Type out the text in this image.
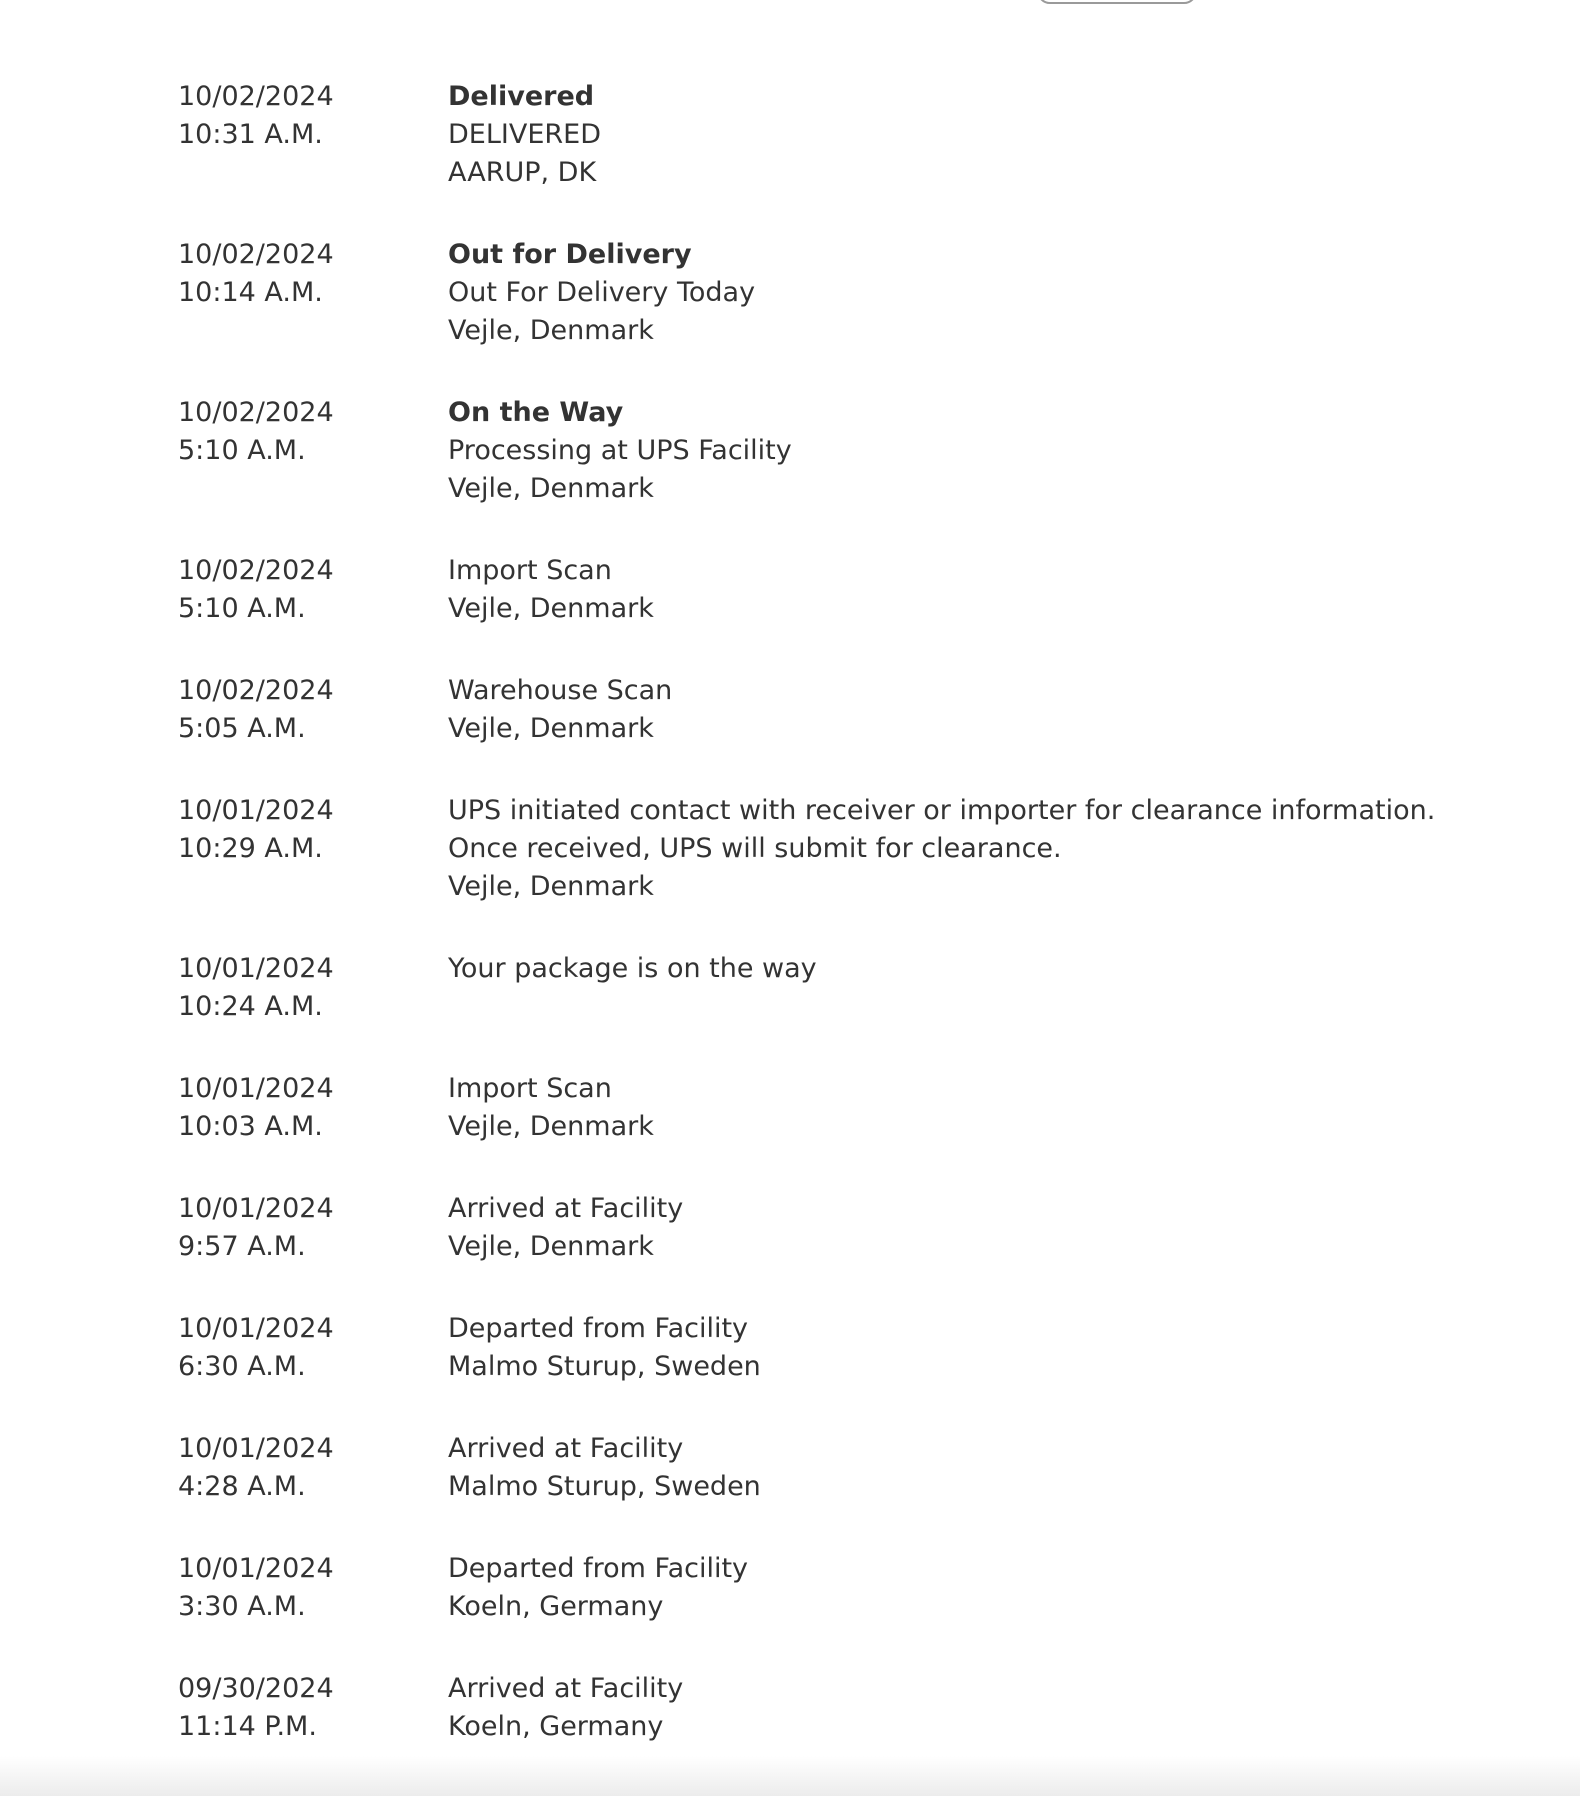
10/02/2024
10:31 A.M.
Delivered
DELIVERED
AARUP, DK
10/02/2024
10:14 A.M.
Out for Delivery
Out For Delivery Today
Vejle, Denmark
10/02/2024
5:10 A.M.
On the Way
Processing at UPS Facility
Vejle, Denmark
10/02/2024
5:10 A.M.
Import Scan
Vejle, Denmark
10/02/2024
5:05 A.M.
Warehouse Scan
Vejle, Denmark
10/01/2024
10:29 A.M.
UPS initiated contact with receiver or importer for clearance information.
Once received, UPS will submit for clearance.
Vejle, Denmark
10/01/2024
10:24 A.M.
Your package is on the way
10/01/2024
10:03 A.M.
Import Scan
Vejle, Denmark
10/01/2024
9:57 A.M.
Arrived at Facility
Vejle, Denmark
10/01/2024
6:30 A.M.
Departed from Facility
Malmo Sturup, Sweden
10/01/2024
4:28 A.M.
Arrived at Facility
Malmo Sturup, Sweden
10/01/2024
3:30 A.M.
Departed from Facility
Koeln, Germany
09/30/2024
11:14 P.M.
Arrived at Facility
Koeln, Germany
